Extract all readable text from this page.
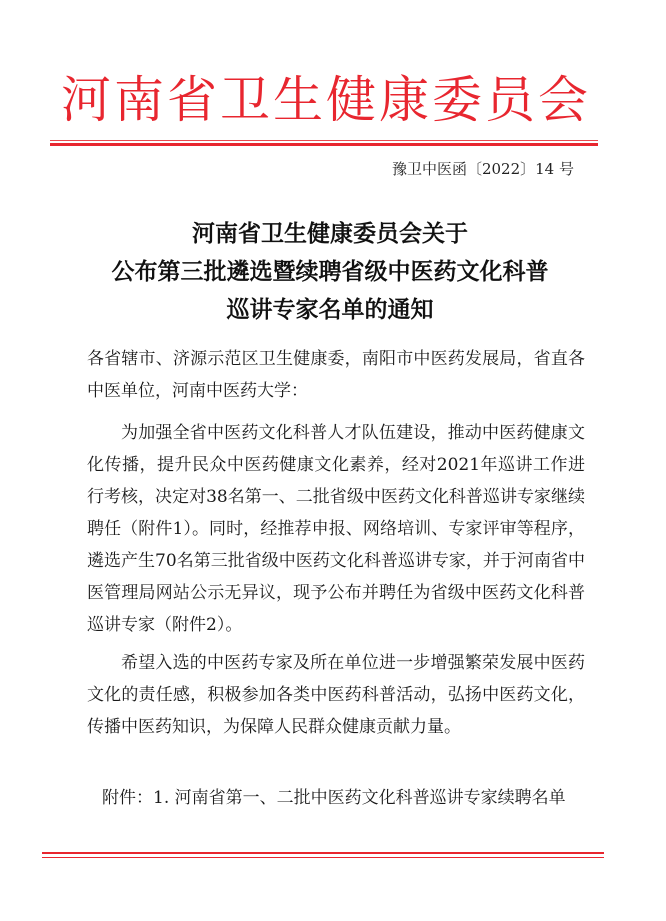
河南省卫生健康委员会
豫卫中医函〔2022〕14 号
河南省卫生健康委员会关于
公布第三批遴选暨续聘省级中医药文化科普
巡讲专家名单的通知

各省辖市、济源示范区卫生健康委，南阳市中医药发展局，省直各中医单位，河南中医药大学：

为加强全省中医药文化科普人才队伍建设，推动中医药健康文化传播，提升民众中医药健康文化素养，经对2021年巡讲工作进行考核，决定对38名第一、二批省级中医药文化科普巡讲专家继续聘任（附件1）。同时，经推荐申报、网络培训、专家评审等程序，遴选产生70名第三批省级中医药文化科普巡讲专家，并于河南省中医管理局网站公示无异议，现予公布并聘任为省级中医药文化科普巡讲专家（附件2）。

希望入选的中医药专家及所在单位进一步增强繁荣发展中医药文化的责任感，积极参加各类中医药科普活动，弘扬中医药文化，传播中医药知识，为保障人民群众健康贡献力量。

附件： 1. 河南省第一、二批中医药文化科普巡讲专家续聘名单
